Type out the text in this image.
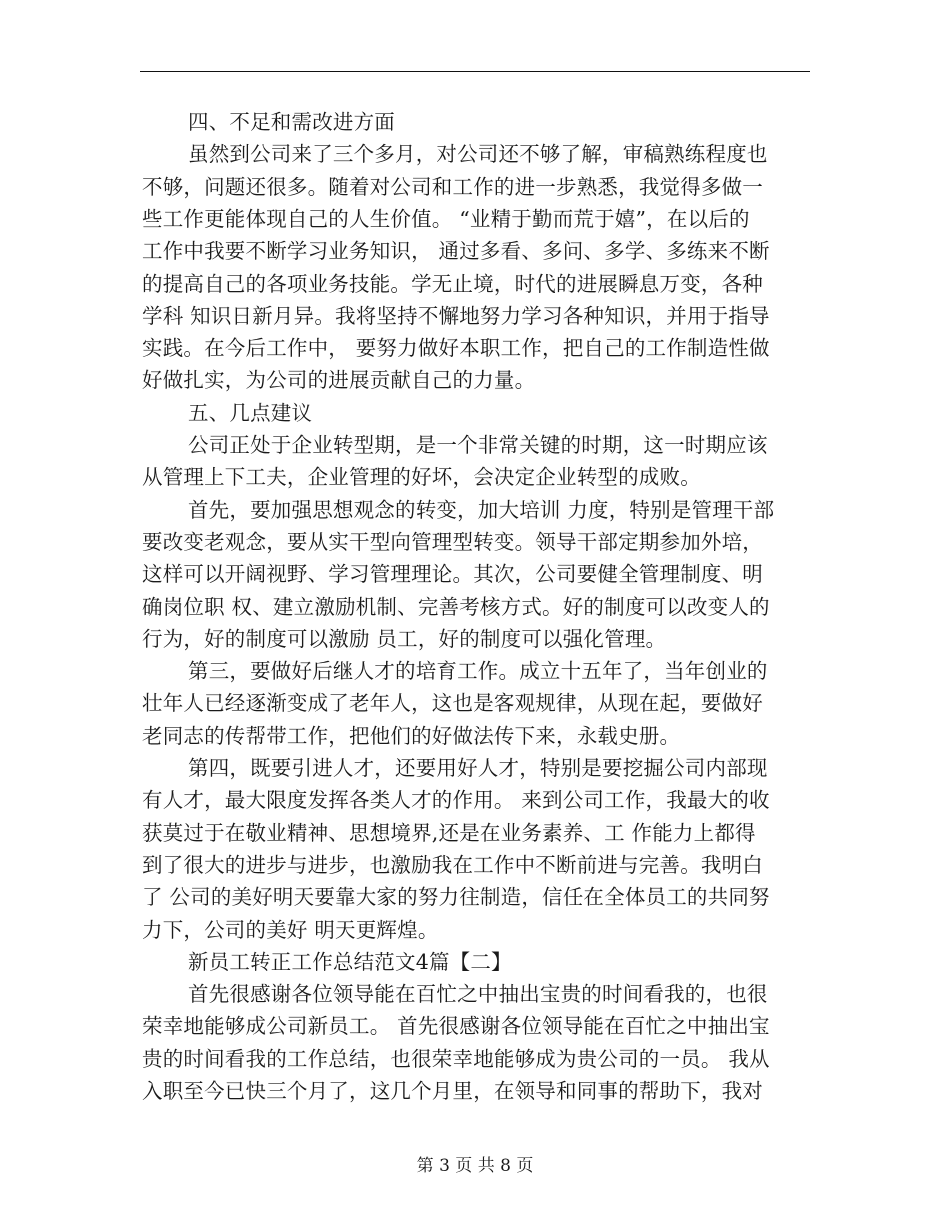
四、不足和需改进方面
虽然到公司来了三个多月，对公司还不够了解，审稿熟练程度也
不够，问题还很多。随着对公司和工作的进一步熟悉，我觉得多做一
些工作更能体现自己的人生价值。 “业精于勤而荒于嬉”，在以后的
工作中我要不断学习业务知识， 通过多看、多问、多学、多练来不断
的提高自己的各项业务技能。学无止境，时代的进展瞬息万变，各种
学科 知识日新月异。我将坚持不懈地努力学习各种知识，并用于指导
实践。在今后工作中， 要努力做好本职工作，把自己的工作制造性做
好做扎实，为公司的进展贡献自己的力量。
五、几点建议
公司正处于企业转型期，是一个非常关键的时期，这一时期应该
从管理上下工夫，企业管理的好坏，会决定企业转型的成败。
首先，要加强思想观念的转变，加大培训 力度，特别是管理干部
要改变老观念，要从实干型向管理型转变。领导干部定期参加外培，
这样可以开阔视野、学习管理理论。其次，公司要健全管理制度、明
确岗位职 权、建立激励机制、完善考核方式。好的制度可以改变人的
行为，好的制度可以激励 员工，好的制度可以强化管理。
第三，要做好后继人才的培育工作。成立十五年了，当年创业的
壮年人已经逐渐变成了老年人，这也是客观规律，从现在起，要做好
老同志的传帮带工作，把他们的好做法传下来，永载史册。
第四，既要引进人才，还要用好人才，特别是要挖掘公司内部现
有人才，最大限度发挥各类人才的作用。 来到公司工作，我最大的收
获莫过于在敬业精神、思想境界,还是在业务素养、工 作能力上都得
到了很大的进步与进步，也激励我在工作中不断前进与完善。我明白
了 公司的美好明天要靠大家的努力往制造，信任在全体员工的共同努
力下，公司的美好 明天更辉煌。
新员工转正工作总结范文4篇【二】
首先很感谢各位领导能在百忙之中抽出宝贵的时间看我的，也很
荣幸地能够成公司新员工。 首先很感谢各位领导能在百忙之中抽出宝
贵的时间看我的工作总结，也很荣幸地能够成为贵公司的一员。 我从
入职至今已快三个月了，这几个月里，在领导和同事的帮助下，我对
第 3 页 共 8 页
